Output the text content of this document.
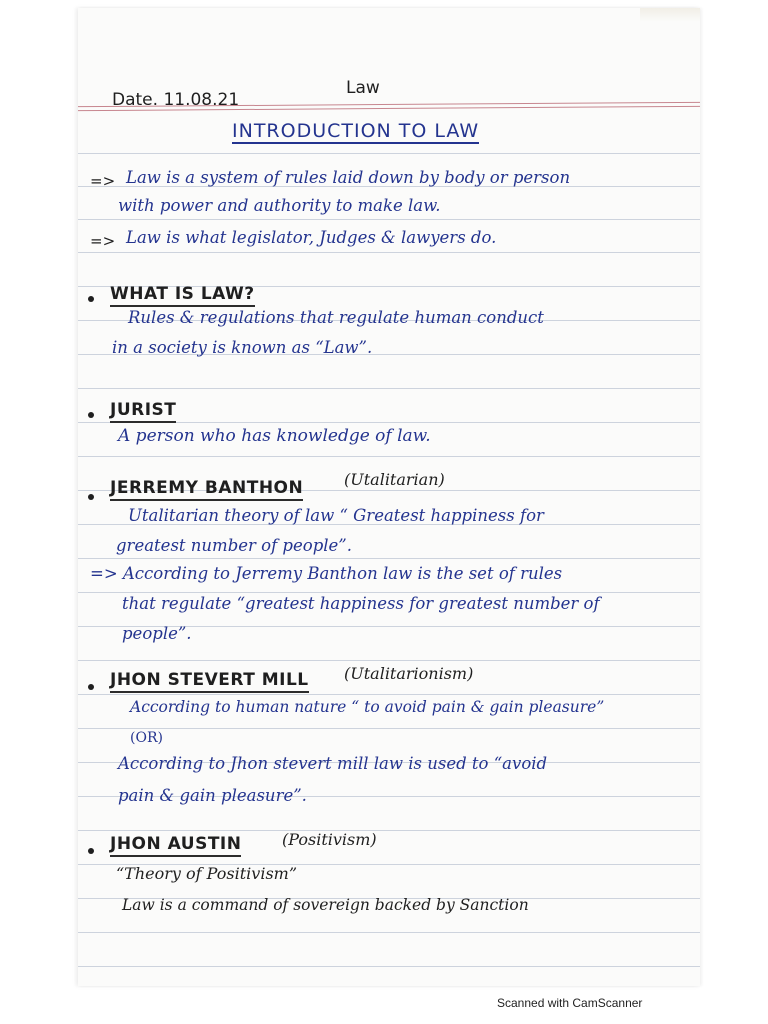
Date. 11.08.21
Law
INTRODUCTION TO LAW
=> Law is a system of rules laid down by body or person
with power and authority to make law.
=> Law is what legislator, Judges & lawyers do.
WHAT IS LAW?
Rules & regulations that regulate human conduct
in a society is known as “Law”.
JURIST
A person who has knowledge of law.
JERREMY BANTHON	(Utalitarian)
Utalitarian theory of law “ Greatest happiness for
greatest number of people”.
=> According to Jerremy Banthon law is the set of rules
that regulate “greatest happiness for greatest number of
people”.
JHON STEVERT MILL (Utalitarionism)
According to human nature “ to avoid pain & gain pleasure”
(OR)
According to Jhon stevert mill law is used to “avoid
pain & gain pleasure”.
JHON AUSTIN	(Positivism)
“Theory of Positivism”
Law is a command of sovereign backed by Sanction
Scanned with CamScanner
